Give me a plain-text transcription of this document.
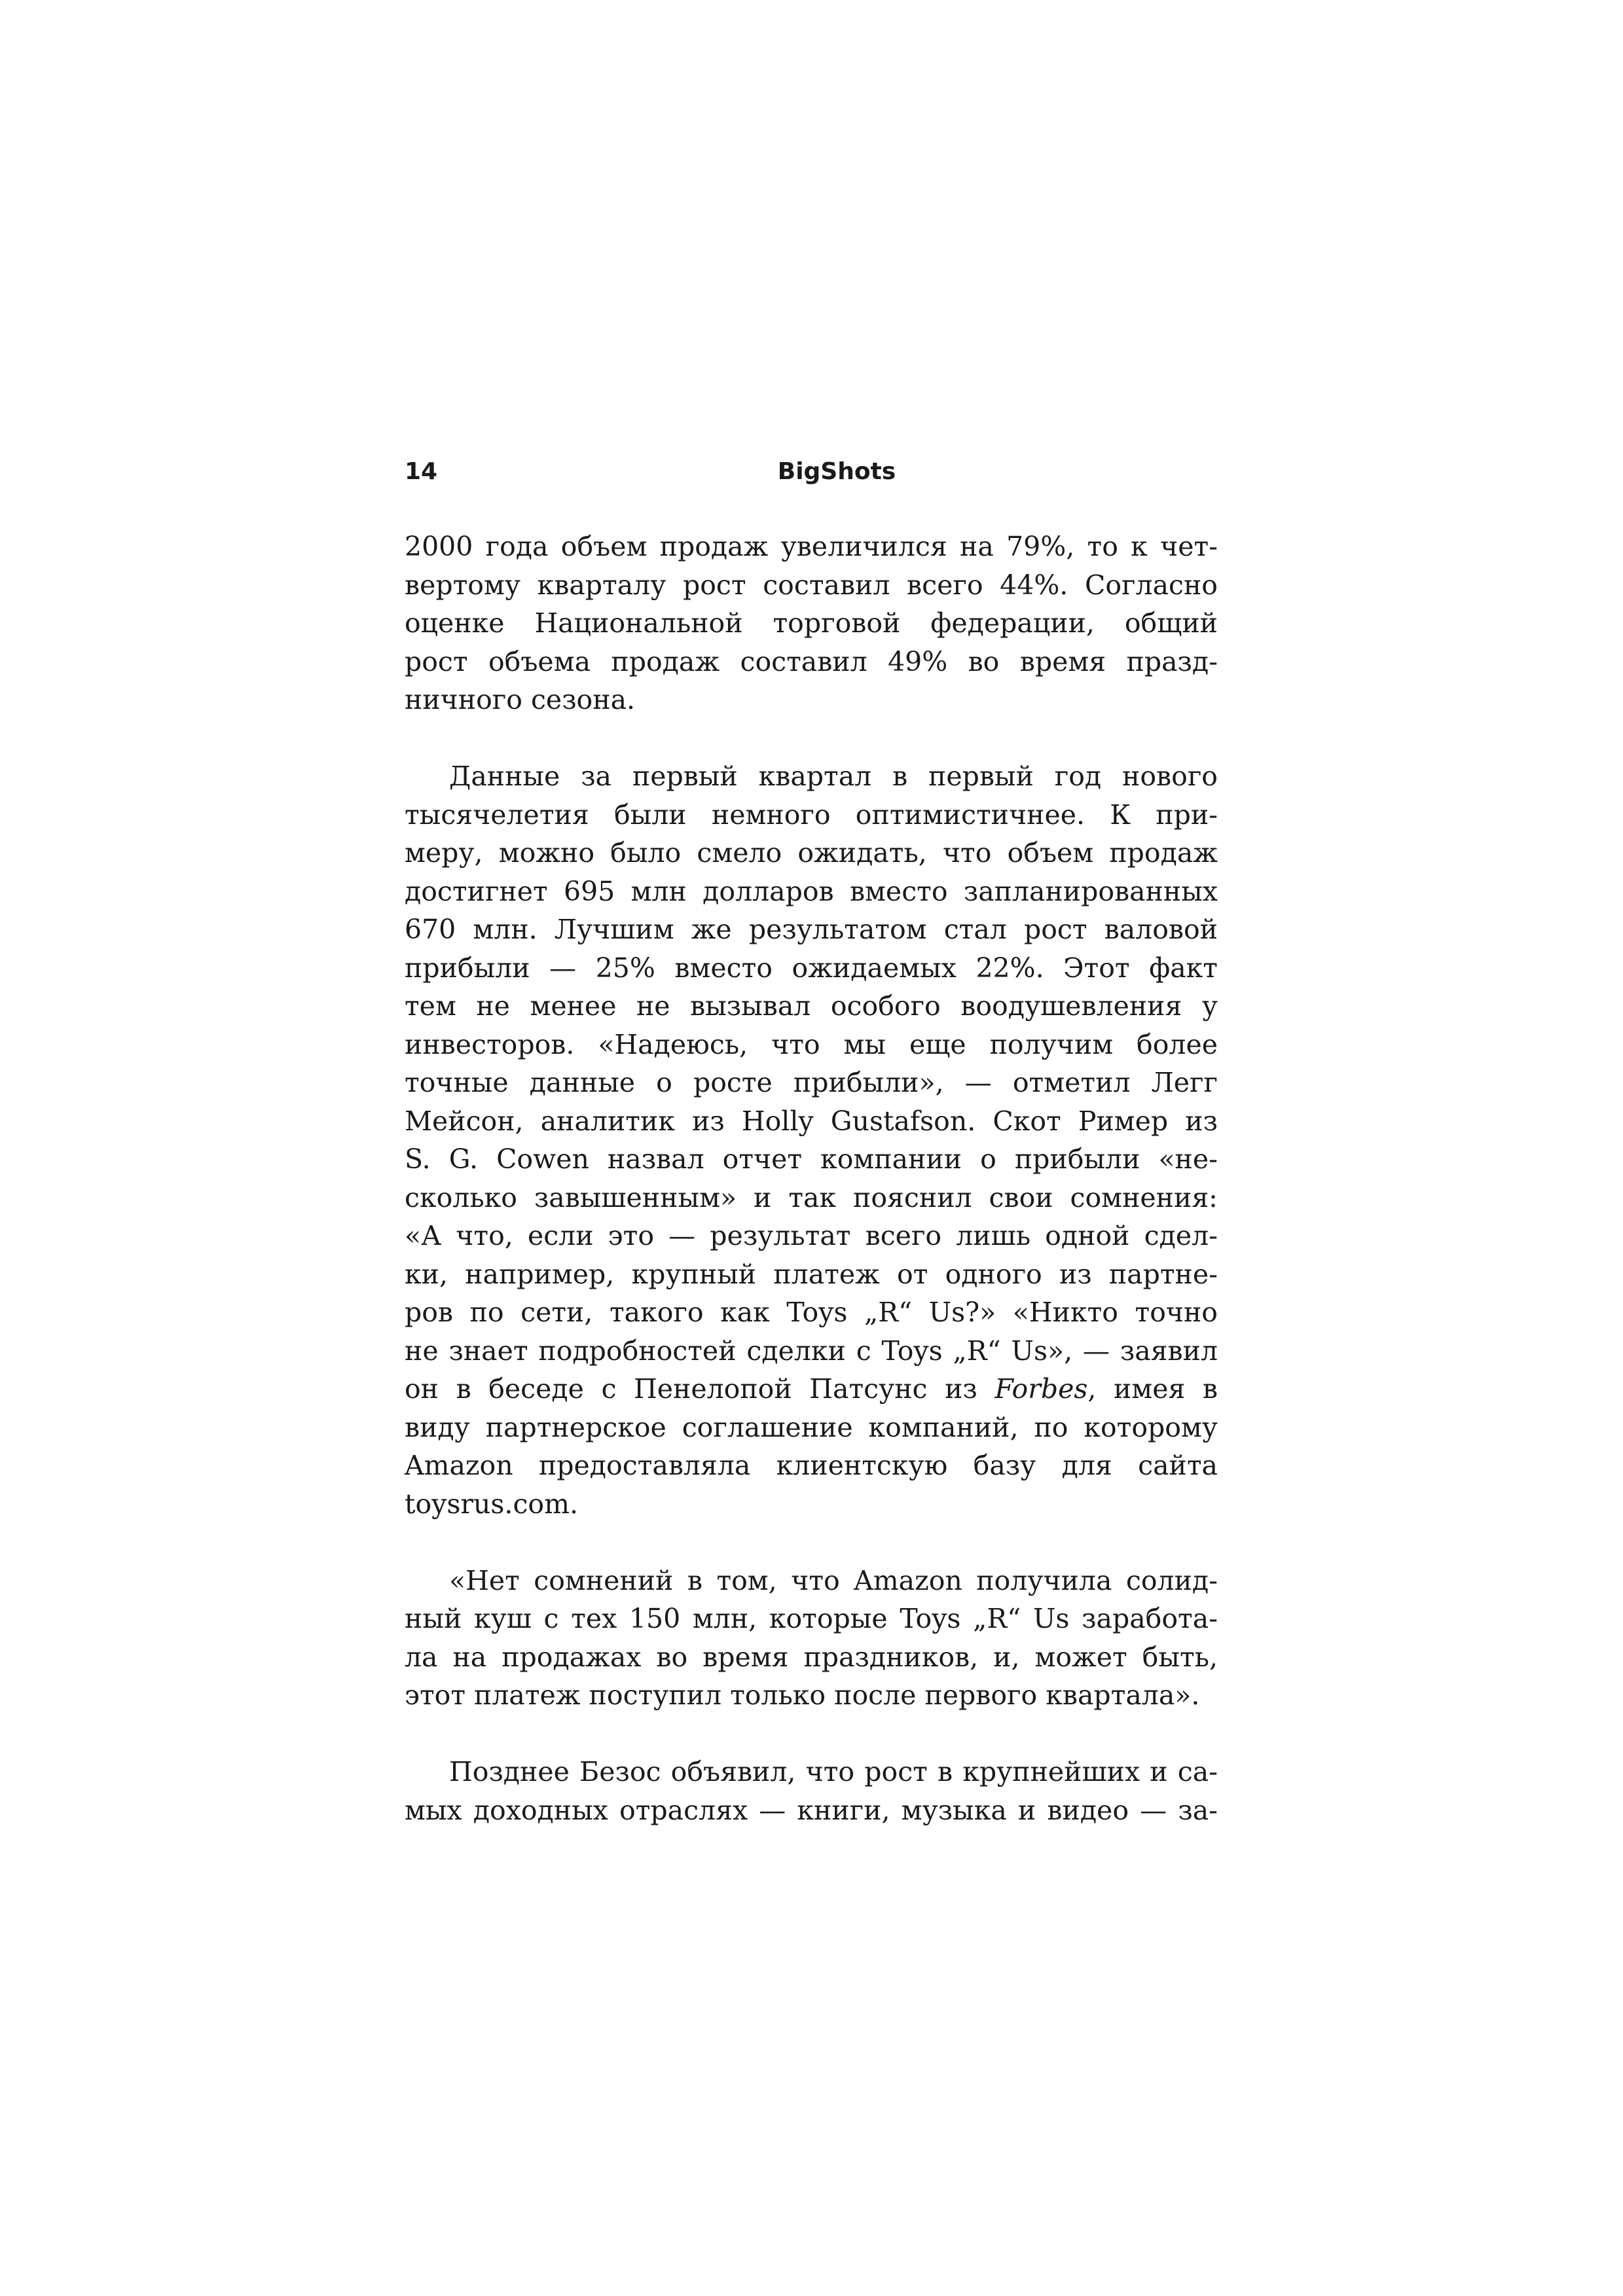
14	BigShots
2000 года объем продаж увеличился на 79%, то к чет-
вертому кварталу рост составил всего 44%. Согласно
оценке Национальной торговой федерации, общий
рост объема продаж составил 49% во время празд-
ничного сезона.
Данные за первый квартал в первый год нового
тысячелетия были немного оптимистичнее. К при-
меру, можно было смело ожидать, что объем продаж
достигнет 695 млн долларов вместо запланированных
670 млн. Лучшим же результатом стал рост валовой
прибыли — 25% вместо ожидаемых 22%. Этот факт
тем не менее не вызывал особого воодушевления у
инвесторов. «Надеюсь, что мы еще получим более
точные данные о росте прибыли», — отметил Легг
Мейсон, аналитик из Holly Gustafson. Скот Ример из
S. G. Cowen назвал отчет компании о прибыли «не-
сколько завышенным» и так пояснил свои сомнения:
«А что, если это — результат всего лишь одной сдел-
ки, например, крупный платеж от одного из партне-
ров по сети, такого как Toys „R“ Us?» «Никто точно
не знает подробностей сделки с Toys „R“ Us», — заявил
он в беседе с Пенелопой Патсунс из Forbes, имея в
виду партнерское соглашение компаний, по которому
Amazon предоставляла клиентскую базу для сайта
toysrus.com.
«Нет сомнений в том, что Amazon получила солид-
ный куш с тех 150 млн, которые Toys „R“ Us заработа-
ла на продажах во время праздников, и, может быть,
этот платеж поступил только после первого квартала».
Позднее Безос объявил, что рост в крупнейших и са-
мых доходных отраслях — книги, музыка и видео — за-
